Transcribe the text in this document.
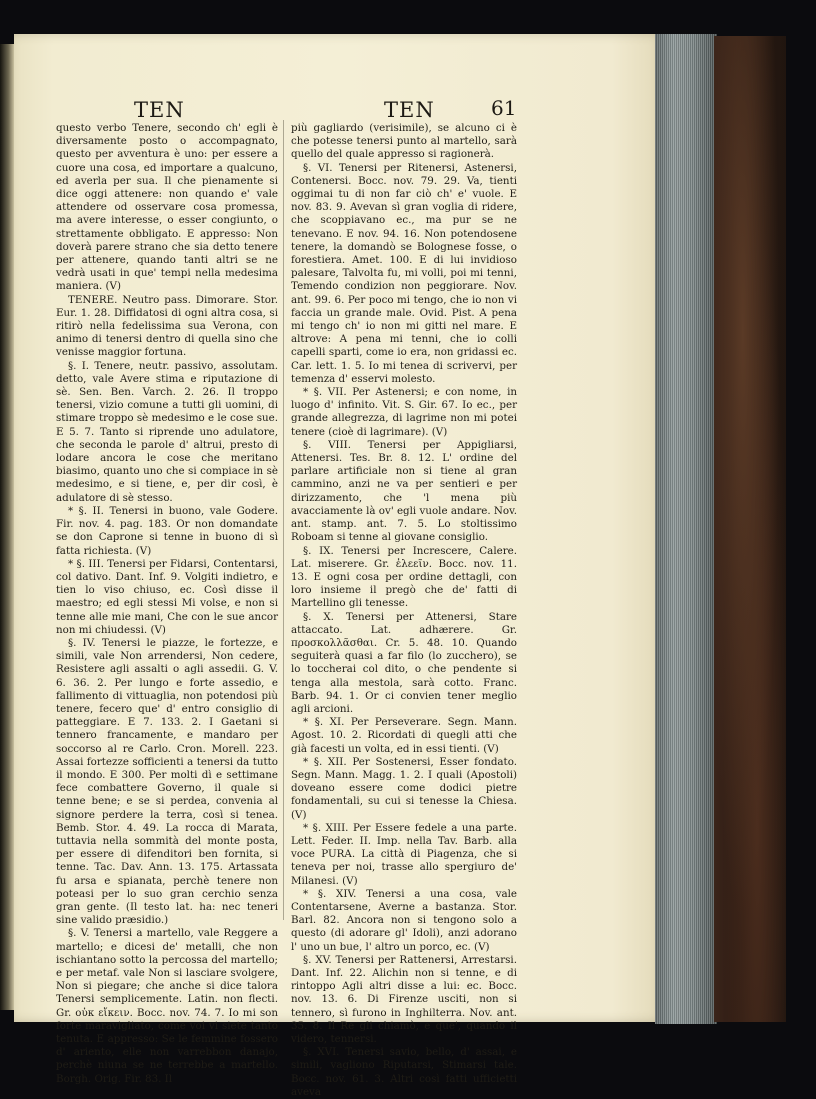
TEN	TEN	61

questo verbo Tenere, secondo ch' egli è diversamente posto o accompagnato, questo per avventura è uno: per essere a cuore una cosa, ed importare a qualcuno, ed averla per sua. Il che pienamente si dice oggi attenere: non quando e' vale attendere od osservare cosa promessa, ma avere interesse, o esser congiunto, o strettamente obbligato. E appresso: Non doverà parere strano che sia detto tenere per attenere, quando tanti altri se ne vedrà usati in que' tempi nella medesima maniera. (V)

TENERE. Neutro pass. Dimorare. Stor. Eur. 1. 28. Diffidatosi di ogni altra cosa, si ritirò nella fedelissima sua Verona, con animo di tenersi dentro di quella sino che venisse maggior fortuna.

§. I. Tenere, neutr. passivo, assolutam. detto, vale Avere stima e riputazione di sè. Sen. Ben. Varch. 2. 26. Il troppo tenersi, vizio comune a tutti gli uomini, di stimare troppo sè medesimo e le cose sue. E 5. 7. Tanto si riprende uno adulatore, che seconda le parole d' altrui, presto di lodare ancora le cose che meritano biasimo, quanto uno che si compiace in sè medesimo, e si tiene, e, per dir così, è adulatore di sè stesso.

* §. II. Tenersi in buono, vale Godere. Fir. nov. 4. pag. 183. Or non domandate se don Caprone si tenne in buono di sì fatta richiesta. (V)

* §. III. Tenersi per Fidarsi, Contentarsi, col dativo. Dant. Inf. 9. Volgiti indietro, e tien lo viso chiuso, ec. Così disse il maestro; ed egli stessi Mi volse, e non si tenne alle mie mani, Che con le sue ancor non mi chiudessi. (V)

§. IV. Tenersi le piazze, le fortezze, e simili, vale Non arrendersi, Non cedere, Resistere agli assalti o agli assedii. G. V. 6. 36. 2. Per lungo e forte assedio, e fallimento di vittuaglia, non potendosi più tenere, fecero que' d' entro consiglio di patteggiare. E 7. 133. 2. I Gaetani si tennero francamente, e mandaro per soccorso al re Carlo. Cron. Morell. 223. Assai fortezze sofficienti a tenersi da tutto il mondo. E 300. Per molti dì e settimane fece combattere Governo, il quale si tenne bene; e se si perdea, convenia al signore perdere la terra, così si tenea. Bemb. Stor. 4. 49. La rocca di Marata, tuttavia nella sommità del monte posta, per essere di difenditori ben fornita, si tenne. Tac. Dav. Ann. 13. 175. Artassata fu arsa e spianata, perchè tenere non poteasi per lo suo gran cerchio senza gran gente. (Il testo lat. ha: nec teneri sine valido præsidio.)

§. V. Tenersi a martello, vale Reggere a martello; e dicesi de' metalli, che non ischiantano sotto la percossa del martello; e per metaf. vale Non si lasciare svolgere, Non si piegare; che anche si dice talora Tenersi semplicemente. Latin. non flecti. Gr. οὐκ εἴκειν. Bocc. nov. 74. 7. Io mi son forte maravigliato, come voi vi siete tanto tenuta. E appresso: Se le femmine fossero d' ariento, elle non varrebbon danajo, perchè niuna se ne terrebbe a martello. Borgh. Orig. Fir. 83. Il

più gagliardo (verisimile), se alcuno ci è che potesse tenersi punto al martello, sarà quello del quale appresso si ragionerà.

§. VI. Tenersi per Ritenersi, Astenersi, Contenersi. Bocc. nov. 79. 29. Va, tienti oggimai tu di non far ciò ch' e' vuole. E nov. 83. 9. Avevan sì gran voglia di ridere, che scoppiavano ec., ma pur se ne tenevano. E nov. 94. 16. Non potendosene tenere, la domandò se Bolognese fosse, o forestiera. Amet. 100. E di lui invidioso palesare, Talvolta fu, mi volli, poi mi tenni, Temendo condizion non peggiorare. Nov. ant. 99. 6. Per poco mi tengo, che io non vi faccia un grande male. Ovid. Pist. A pena mi tengo ch' io non mi gitti nel mare. E altrove: A pena mi tenni, che io colli capelli sparti, come io era, non gridassi ec. Car. lett. 1. 5. Io mi tenea di scrivervi, per temenza d' esservi molesto.

* §. VII. Per Astenersi; e con nome, in luogo d' infinito. Vit. S. Gir. 67. Io ec., per grande allegrezza, di lagrime non mi potei tenere (cioè di lagrimare). (V)

§. VIII. Tenersi per Appigliarsi, Attenersi. Tes. Br. 8. 12. L' ordine del parlare artificiale non si tiene al gran cammino, anzi ne va per sentieri e per dirizzamento, che 'l mena più avacciamente là ov' egli vuole andare. Nov. ant. stamp. ant. 7. 5. Lo stoltissimo Roboam si tenne al giovane consiglio.

§. IX. Tenersi per Increscere, Calere. Lat. miserere. Gr. ἐλεεῖν. Bocc. nov. 11. 13. E ogni cosa per ordine dettagli, con loro insieme il pregò che de' fatti di Martellino gli tenesse.

§. X. Tenersi per Attenersi, Stare attaccato. Lat. adhærere. Gr. προσκολλᾶσθαι. Cr. 5. 48. 10. Quando seguiterà quasi a far filo (lo zucchero), se lo toccherai col dito, o che pendente si tenga alla mestola, sarà cotto. Franc. Barb. 94. 1. Or ci convien tener meglio agli arcioni.

* §. XI. Per Perseverare. Segn. Mann. Agost. 10. 2. Ricordati di quegli atti che già facesti un volta, ed in essi tienti. (V)

* §. XII. Per Sostenersi, Esser fondato. Segn. Mann. Magg. 1. 2. I quali (Apostoli) doveano essere come dodici pietre fondamentali, su cui si tenesse la Chiesa. (V)

* §. XIII. Per Essere fedele a una parte. Lett. Feder. II. Imp. nella Tav. Barb. alla voce PURA. La città di Piagenza, che si teneva per noi, trasse allo spergiuro de' Milanesi. (V)

* §. XIV. Tenersi a una cosa, vale Contentarsene, Averne a bastanza. Stor. Barl. 82. Ancora non si tengono solo a questo (di adorare gl' Idoli), anzi adorano l' uno un bue, l' altro un porco, ec. (V)

§. XV. Tenersi per Rattenersi, Arrestarsi. Dant. Inf. 22. Alichin non si tenne, e di rintoppo Agli altri disse a lui: ec. Bocc. nov. 13. 6. Di Firenze usciti, non si tennero, sì furono in Inghilterra. Nov. ant. 35. 8. Il Re gli chiamò, e que', quando il videro, tennersi.

§. XVI. Tenersi savio, bello, d' assai, e simili, vagliono Riputarsi, Stimarsi tale. Bocc. nov. 61. 3. Altri così fatti ufficietti aveva
